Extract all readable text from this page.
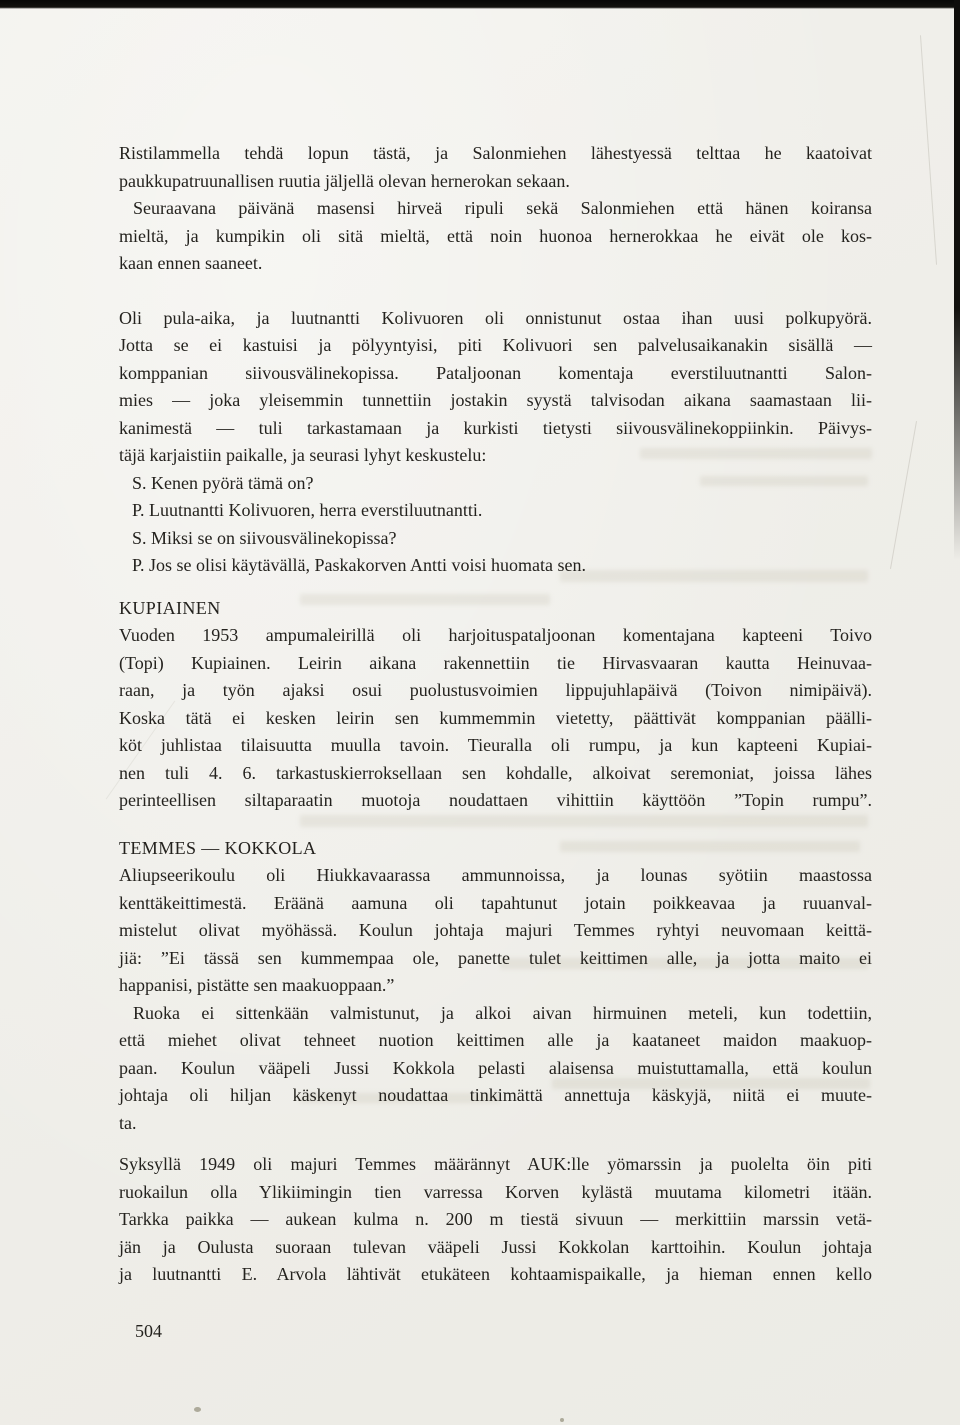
Ristilammella tehdä lopun tästä, ja Salonmiehen lähestyessä telttaa he kaatoivat
paukkupatruunallisen ruutia jäljellä olevan hernerokan sekaan.
Seuraavana päivänä masensi hirveä ripuli sekä Salonmiehen että hänen koiransa
mieltä, ja kumpikin oli sitä mieltä, että noin huonoa hernerokkaa he eivät ole kos-
kaan ennen saaneet.
Oli pula-aika, ja luutnantti Kolivuoren oli onnistunut ostaa ihan uusi polkupyörä.
Jotta se ei kastuisi ja pölyyntyisi, piti Kolivuori sen palvelusaikanakin sisällä —
komppanian siivousvälinekopissa. Pataljoonan komentaja everstiluutnantti Salon-
mies — joka yleisemmin tunnettiin jostakin syystä talvisodan aikana saamastaan lii-
kanimestä — tuli tarkastamaan ja kurkisti tietysti siivousvälinekoppiinkin. Päivys-
täjä karjaistiin paikalle, ja seurasi lyhyt keskustelu:
S. Kenen pyörä tämä on?
P. Luutnantti Kolivuoren, herra everstiluutnantti.
S. Miksi se on siivousvälinekopissa?
P. Jos se olisi käytävällä, Paskakorven Antti voisi huomata sen.
KUPIAINEN
Vuoden 1953 ampumaleirillä oli harjoituspataljoonan komentajana kapteeni Toivo
(Topi) Kupiainen. Leirin aikana rakennettiin tie Hirvasvaaran kautta Heinuvaa-
raan, ja työn ajaksi osui puolustusvoimien lippujuhlapäivä (Toivon nimipäivä).
Koska tätä ei kesken leirin sen kummemmin vietetty, päättivät komppanian päälli-
köt juhlistaa tilaisuutta muulla tavoin. Tieuralla oli rumpu, ja kun kapteeni Kupiai-
nen tuli 4. 6. tarkastuskierroksellaan sen kohdalle, alkoivat seremoniat, joissa lähes
perinteellisen siltaparaatin muotoja noudattaen vihittiin käyttöön ”Topin rumpu”.
TEMMES — KOKKOLA
Aliupseerikoulu oli Hiukkavaarassa ammunnoissa, ja lounas syötiin maastossa
kenttäkeittimestä. Eräänä aamuna oli tapahtunut jotain poikkeavaa ja ruuanval-
mistelut olivat myöhässä. Koulun johtaja majuri Temmes ryhtyi neuvomaan keittä-
jiä: ”Ei tässä sen kummempaa ole, panette tulet keittimen alle, ja jotta maito ei
happanisi, pistätte sen maakuoppaan.”
Ruoka ei sittenkään valmistunut, ja alkoi aivan hirmuinen meteli, kun todettiin,
että miehet olivat tehneet nuotion keittimen alle ja kaataneet maidon maakuop-
paan. Koulun vääpeli Jussi Kokkola pelasti alaisensa muistuttamalla, että koulun
johtaja oli hiljan käskenyt noudattaa tinkimättä annettuja käskyjä, niitä ei muute-
ta.
Syksyllä 1949 oli majuri Temmes määrännyt AUK:lle yömarssin ja puolelta öin piti
ruokailun olla Ylikiimingin tien varressa Korven kylästä muutama kilometri itään.
Tarkka paikka — aukean kulma n. 200 m tiestä sivuun — merkittiin marssin vetä-
jän ja Oulusta suoraan tulevan vääpeli Jussi Kokkolan karttoihin. Koulun johtaja
ja luutnantti E. Arvola lähtivät etukäteen kohtaamispaikalle, ja hieman ennen kello
504
